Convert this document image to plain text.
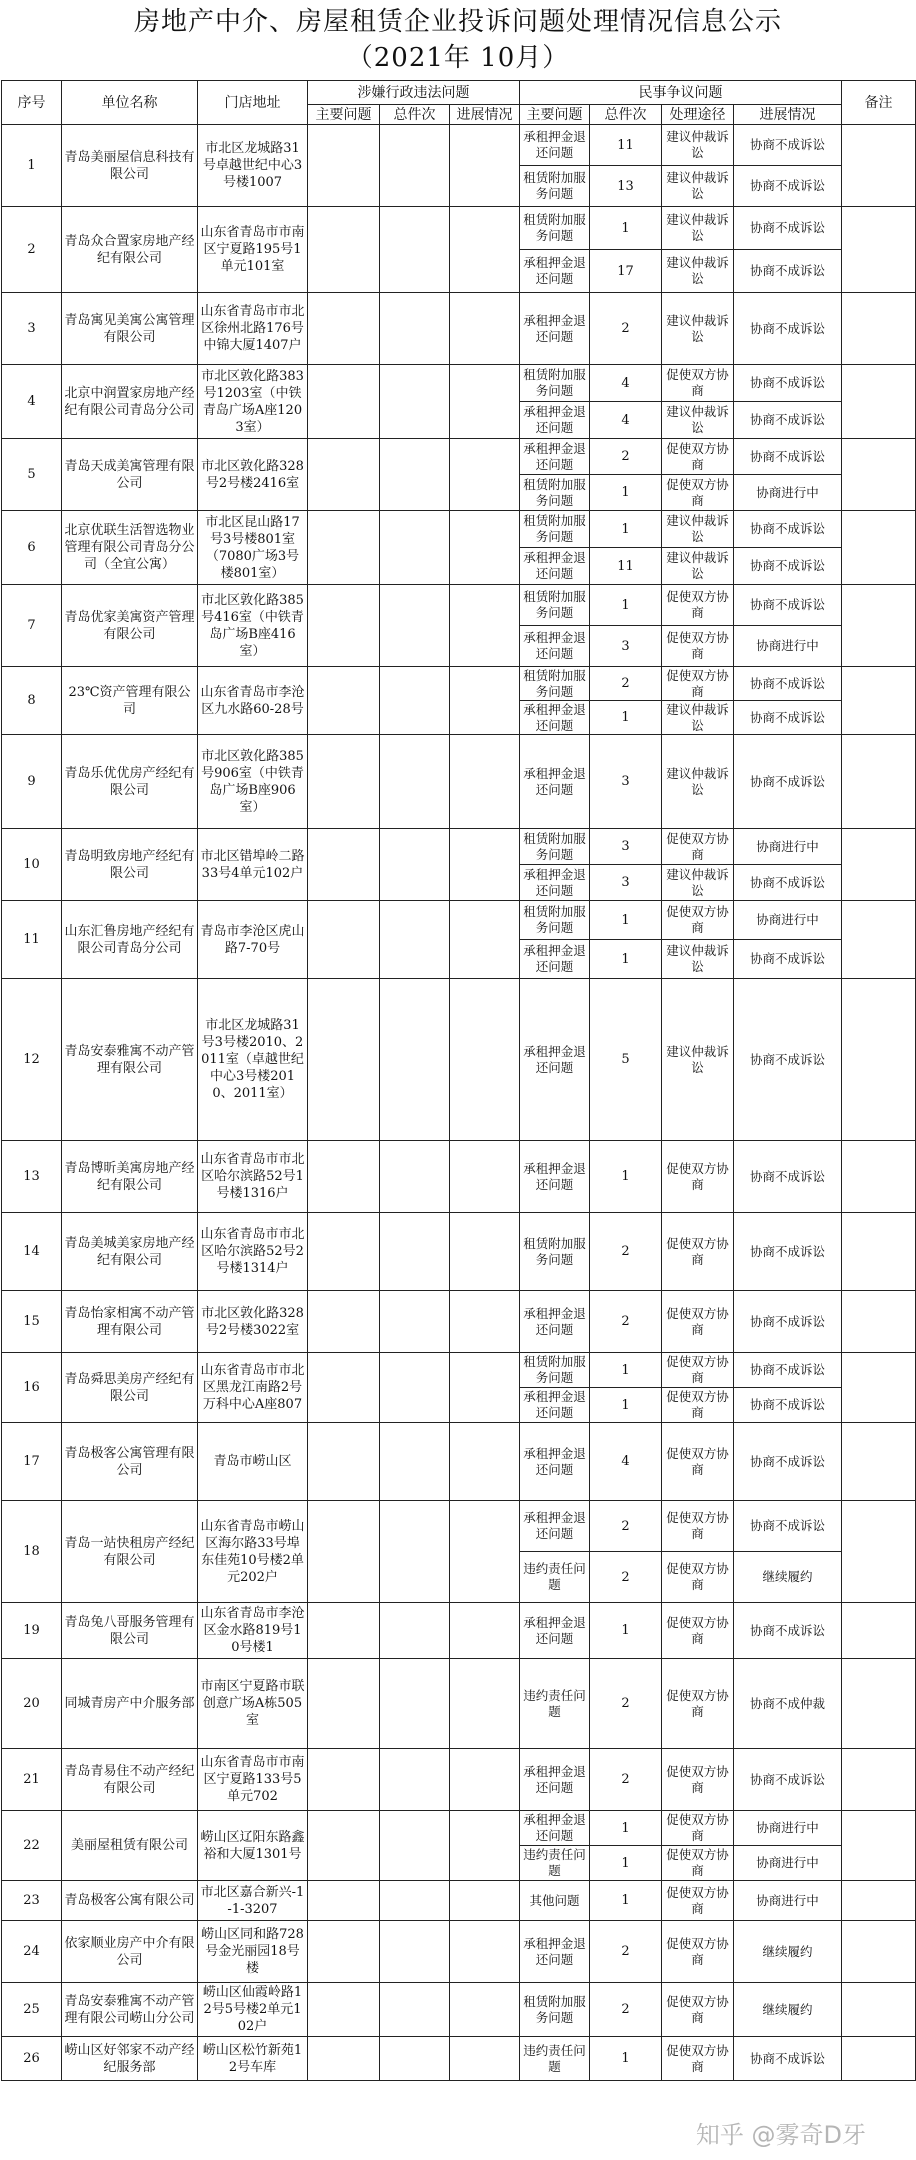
房地产中介、房屋租赁企业投诉问题处理情况信息公示
（2021年 10月）
序号	单位名称	门店地址	涉嫌行政违法问题			民事争议问题				备注
			主要问题	总件次	进展情况	主要问题	总件次	处理途径	进展情况	
1	青岛美丽屋信息科技有限公司	市北区龙城路31号卓越世纪中心3号楼1007				承租押金退还问题	11	建议仲裁诉讼	协商不成诉讼	
						租赁附加服务问题	13	建议仲裁诉讼	协商不成诉讼	
2	青岛众合置家房地产经纪有限公司	山东省青岛市市南区宁夏路195号1单元101室				租赁附加服务问题	1	建议仲裁诉讼	协商不成诉讼	
						承租押金退还问题	17	建议仲裁诉讼	协商不成诉讼	
3	青岛寓见美寓公寓管理有限公司	山东省青岛市市北区徐州北路176号中锦大厦1407户				承租押金退还问题	2	建议仲裁诉讼	协商不成诉讼	
4	北京中润置家房地产经纪有限公司青岛分公司	市北区敦化路383号1203室（中铁青岛广场A座1203室）				租赁附加服务问题	4	促使双方协商	协商不成诉讼	
						承租押金退还问题	4	建议仲裁诉讼	协商不成诉讼	
5	青岛天成美寓管理有限公司	市北区敦化路328号2号楼2416室				承租押金退还问题	2	促使双方协商	协商不成诉讼	
						租赁附加服务问题	1	促使双方协商	协商进行中	
6	北京优联生活智选物业管理有限公司青岛分公司（全宜公寓）	市北区昆山路17号3号楼801室（7080广场3号楼801室）				租赁附加服务问题	1	建议仲裁诉讼	协商不成诉讼	
						承租押金退还问题	11	建议仲裁诉讼	协商不成诉讼	
7	青岛优家美寓资产管理有限公司	市北区敦化路385号416室（中铁青岛广场B座416室）				租赁附加服务问题	1	促使双方协商	协商不成诉讼	
						承租押金退还问题	3	促使双方协商	协商进行中	
8	23℃资产管理有限公司	山东省青岛市李沧区九水路60-28号				租赁附加服务问题	2	促使双方协商	协商不成诉讼	
						承租押金退还问题	1	建议仲裁诉讼	协商不成诉讼	
9	青岛乐优优房产经纪有限公司	市北区敦化路385号906室（中铁青岛广场B座906室）				承租押金退还问题	3	建议仲裁诉讼	协商不成诉讼	
10	青岛明致房地产经纪有限公司	市北区错埠岭二路33号4单元102户				租赁附加服务问题	3	促使双方协商	协商进行中	
						承租押金退还问题	3	建议仲裁诉讼	协商不成诉讼	
11	山东汇鲁房地产经纪有限公司青岛分公司	青岛市李沧区虎山路7-70号				租赁附加服务问题	1	促使双方协商	协商进行中	
						承租押金退还问题	1	建议仲裁诉讼	协商不成诉讼	
12	青岛安泰雅寓不动产管理有限公司	市北区龙城路31号3号楼2010、2011室（卓越世纪中心3号楼2010、2011室）				承租押金退还问题	5	建议仲裁诉讼	协商不成诉讼	
13	青岛博昕美寓房地产经纪有限公司	山东省青岛市市北区哈尔滨路52号1号楼1316户				承租押金退还问题	1	促使双方协商	协商不成诉讼	
14	青岛美城美家房地产经纪有限公司	山东省青岛市市北区哈尔滨路52号2号楼1314户				租赁附加服务问题	2	促使双方协商	协商不成诉讼	
15	青岛怡家相寓不动产管理有限公司	市北区敦化路328号2号楼3022室				承租押金退还问题	2	促使双方协商	协商不成诉讼	
16	青岛舜思美房产经纪有限公司	山东省青岛市市北区黑龙江南路2号万科中心A座807				租赁附加服务问题	1	促使双方协商	协商不成诉讼	
						承租押金退还问题	1	促使双方协商	协商不成诉讼	
17	青岛极客公寓管理有限公司	青岛市崂山区				承租押金退还问题	4	促使双方协商	协商不成诉讼	
18	青岛一站快租房产经纪有限公司	山东省青岛市崂山区海尔路33号埠东佳苑10号楼2单元202户				承租押金退还问题	2	促使双方协商	协商不成诉讼	
						违约责任问题	2	促使双方协商	继续履约	
19	青岛兔八哥服务管理有限公司	山东省青岛市李沧区金水路819号10号楼1				承租押金退还问题	1	促使双方协商	协商不成诉讼	
20	同城青房产中介服务部	市南区宁夏路市联创意广场A栋505室				违约责任问题	2	促使双方协商	协商不成仲裁	
21	青岛青易住不动产经纪有限公司	山东省青岛市市南区宁夏路133号5单元702				承租押金退还问题	2	促使双方协商	协商不成诉讼	
22	美丽屋租赁有限公司	崂山区辽阳东路鑫裕和大厦1301号				承租押金退还问题	1	促使双方协商	协商进行中	
						违约责任问题	1	促使双方协商	协商进行中	
23	青岛极客公寓有限公司	市北区嘉合新兴-1-1-3207				其他问题	1	促使双方协商	协商进行中	
24	依家顺业房产中介有限公司	崂山区同和路728号金光丽园18号楼				承租押金退还问题	2	促使双方协商	继续履约	
25	青岛安泰雅寓不动产管理有限公司崂山分公司	崂山区仙霞岭路12号5号楼2单元102户				租赁附加服务问题	2	促使双方协商	继续履约	
26	崂山区好邻家不动产经纪服务部	崂山区松竹新苑12号车库				违约责任问题	1	促使双方协商	协商不成诉讼	
知乎 @雾奇D牙
